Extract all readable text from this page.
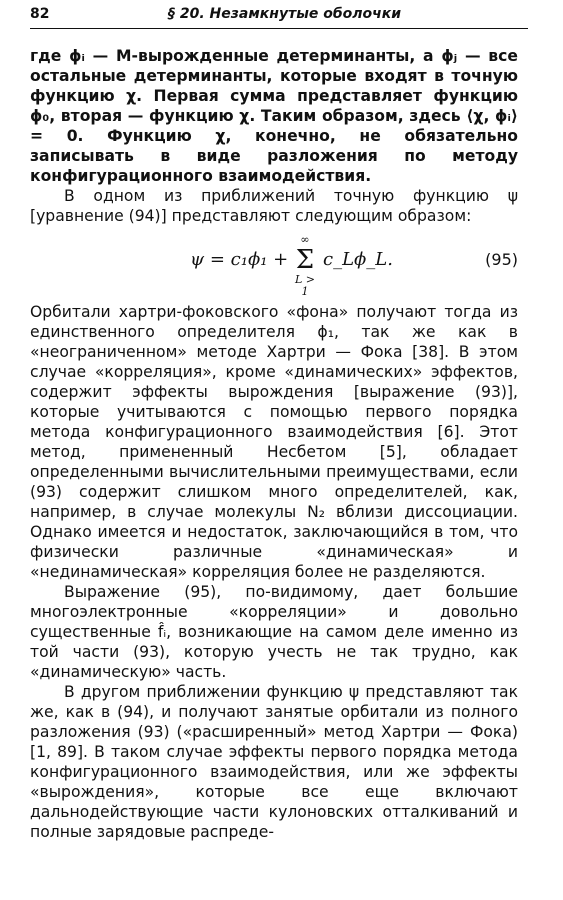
82	§ 20. Незамкнутые оболочки

где ϕᵢ — M-вырожденные детерминанты, а ϕⱼ — все остальные детерминанты, которые входят в точную функцию χ. Первая сумма представляет функцию ϕ₀, вторая — функцию χ. Таким образом, здесь ⟨χ, ϕᵢ⟩ = 0. Функцию χ, конечно, не обязательно записывать в виде разложения по методу конфигурационного взаимодействия.

В одном из приближений точную функцию ψ [уравнение (94)] представляют следующим образом:

ψ = c₁ϕ₁ +
∞
Σ
L > 1
c_Lϕ_L.	(95)

Орбитали хартри-фоковского «фона» получают тогда из единственного определителя ϕ₁, так же как в «неограниченном» методе Хартри — Фока [38]. В этом случае «корреляция», кроме «динамических» эффектов, содержит эффекты вырождения [выражение (93)], которые учитываются с помощью первого порядка метода конфигурационного взаимодействия [6]. Этот метод, примененный Несбетом [5], обладает определенными вычислительными преимуществами, если (93) содержит слишком много определителей, как, например, в случае молекулы N₂ вблизи диссоциации. Однако имеется и недостаток, заключающийся в том, что физически различные «динамическая» и «нединамическая» корреляция более не разделяются.

Выражение (95), по-видимому, дает большие многоэлектронные «корреляции» и довольно существенные f̂ᵢ, возникающие на самом деле именно из той части (93), которую учесть не так трудно, как «динамическую» часть.

В другом приближении функцию ψ представляют так же, как в (94), и получают занятые орбитали из полного разложения (93) («расширенный» метод Хартри — Фока) [1, 89]. В таком случае эффекты первого порядка метода конфигурационного взаимодействия, или же эффекты «вырождения», которые все еще включают дальнодействующие части кулоновских отталкиваний и полные зарядовые распреде-
